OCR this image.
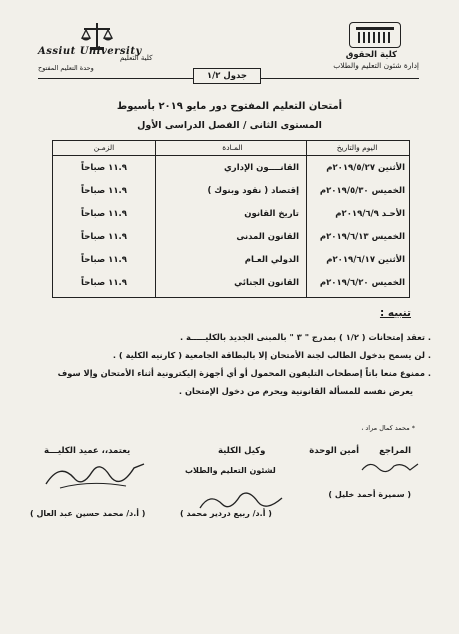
كلية الحقوق
إدارة شئون التعليم والطلاب
Assiut University
كلية التعليم
وحدة التعليم المفتوح
جدول ١/٢
أمتحان التعليم المفتوح دور مايو ٢٠١٩ بأسيوط
المستوى الثانى / الفصل الدراسى الأول
اليوم والتاريخ
المـادة
الزمـن
الأثنين ٢٠١٩/٥/٢٧م
القانــــون الإداري
١١.٩ صباحاً
الخميس ٢٠١٩/٥/٣٠م
إقتصاد ( نقود وبنوك )
١١.٩ صباحاً
الأحـد ٢٠١٩/٦/٩م
تاريخ القانون
١١.٩ صباحاً
الخميس ٢٠١٩/٦/١٣م
القانون المدنى
١١.٩ صباحاً
الأثنين ٢٠١٩/٦/١٧م
الدولي العـام
١١.٩ صباحاً
الخميس ٢٠١٩/٦/٢٠م
القانون الجنائي
١١.٩ صباحاً
تنبيه :
. تعقد إمتحانات ( ١/٢ ) بمدرج " ٣ " بالمبنى الجديد بالكليـــــة .
. لن يسمح بدخول الطالب لجنة الأمتحان إلا بالبطاقة الجامعية ( كارنيه الكلية ) .
. ممنوع منعا باتاً إصطحاب التليفون المحمول أو أي أجهزة إليكترونية أثناء الأمتحان وإلا سوف
يعرض نفسه للمسألة القانونية ويحرم من دخول الإمتحان .
* محمد كمال مراد ،
المراجع
أمين الوحدة
وكيل الكلية
لشئون التعليم والطلاب
يعتمد،، عميد الكليـــة
( سميرة أحمد خليل )
( أ.د/ ربيع دردير محمد )
( أ.د/ محمد حسين عبد العال )
